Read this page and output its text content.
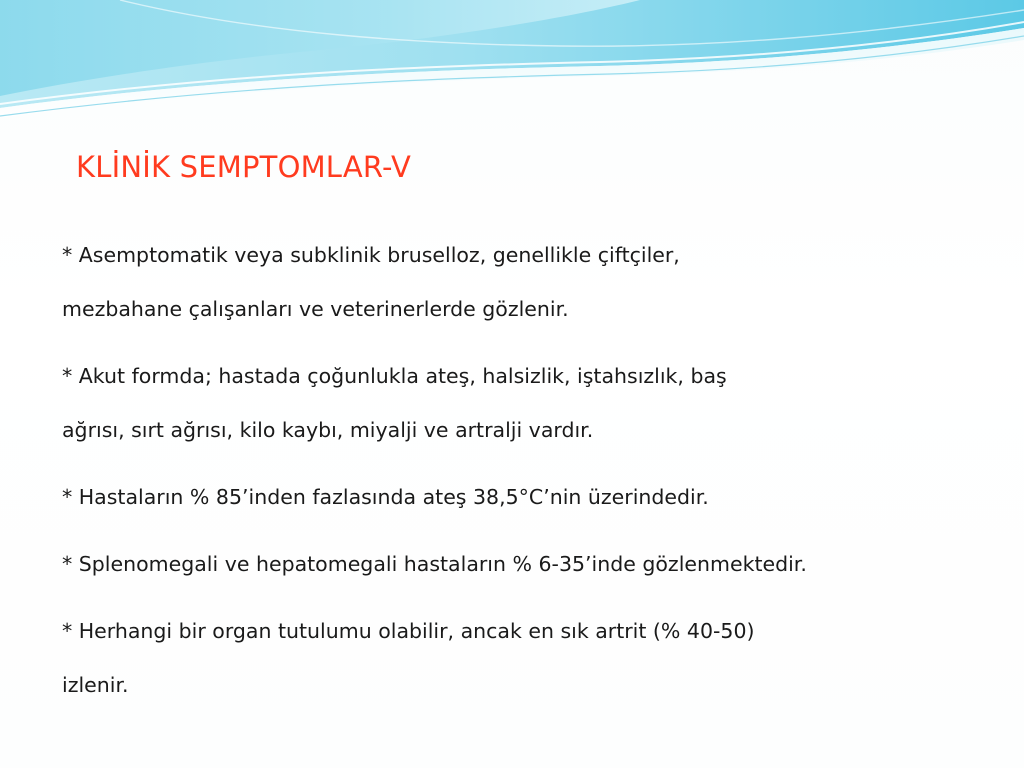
KLİNİK SEMPTOMLAR-V

* Asemptomatik veya subklinik bruselloz, genellikle çiftçiler,
mezbahane çalışanları ve veterinerlerde gözlenir.

* Akut formda; hastada çoğunlukla ateş, halsizlik, iştahsızlık, baş
ağrısı, sırt ağrısı, kilo kaybı, miyalji ve artralji vardır.

* Hastaların % 85’inden fazlasında ateş 38,5°C’nin üzerindedir.

* Splenomegali ve hepatomegali hastaların % 6-35’inde gözlenmektedir.

* Herhangi bir organ tutulumu olabilir, ancak en sık artrit (% 40-50)
izlenir.
